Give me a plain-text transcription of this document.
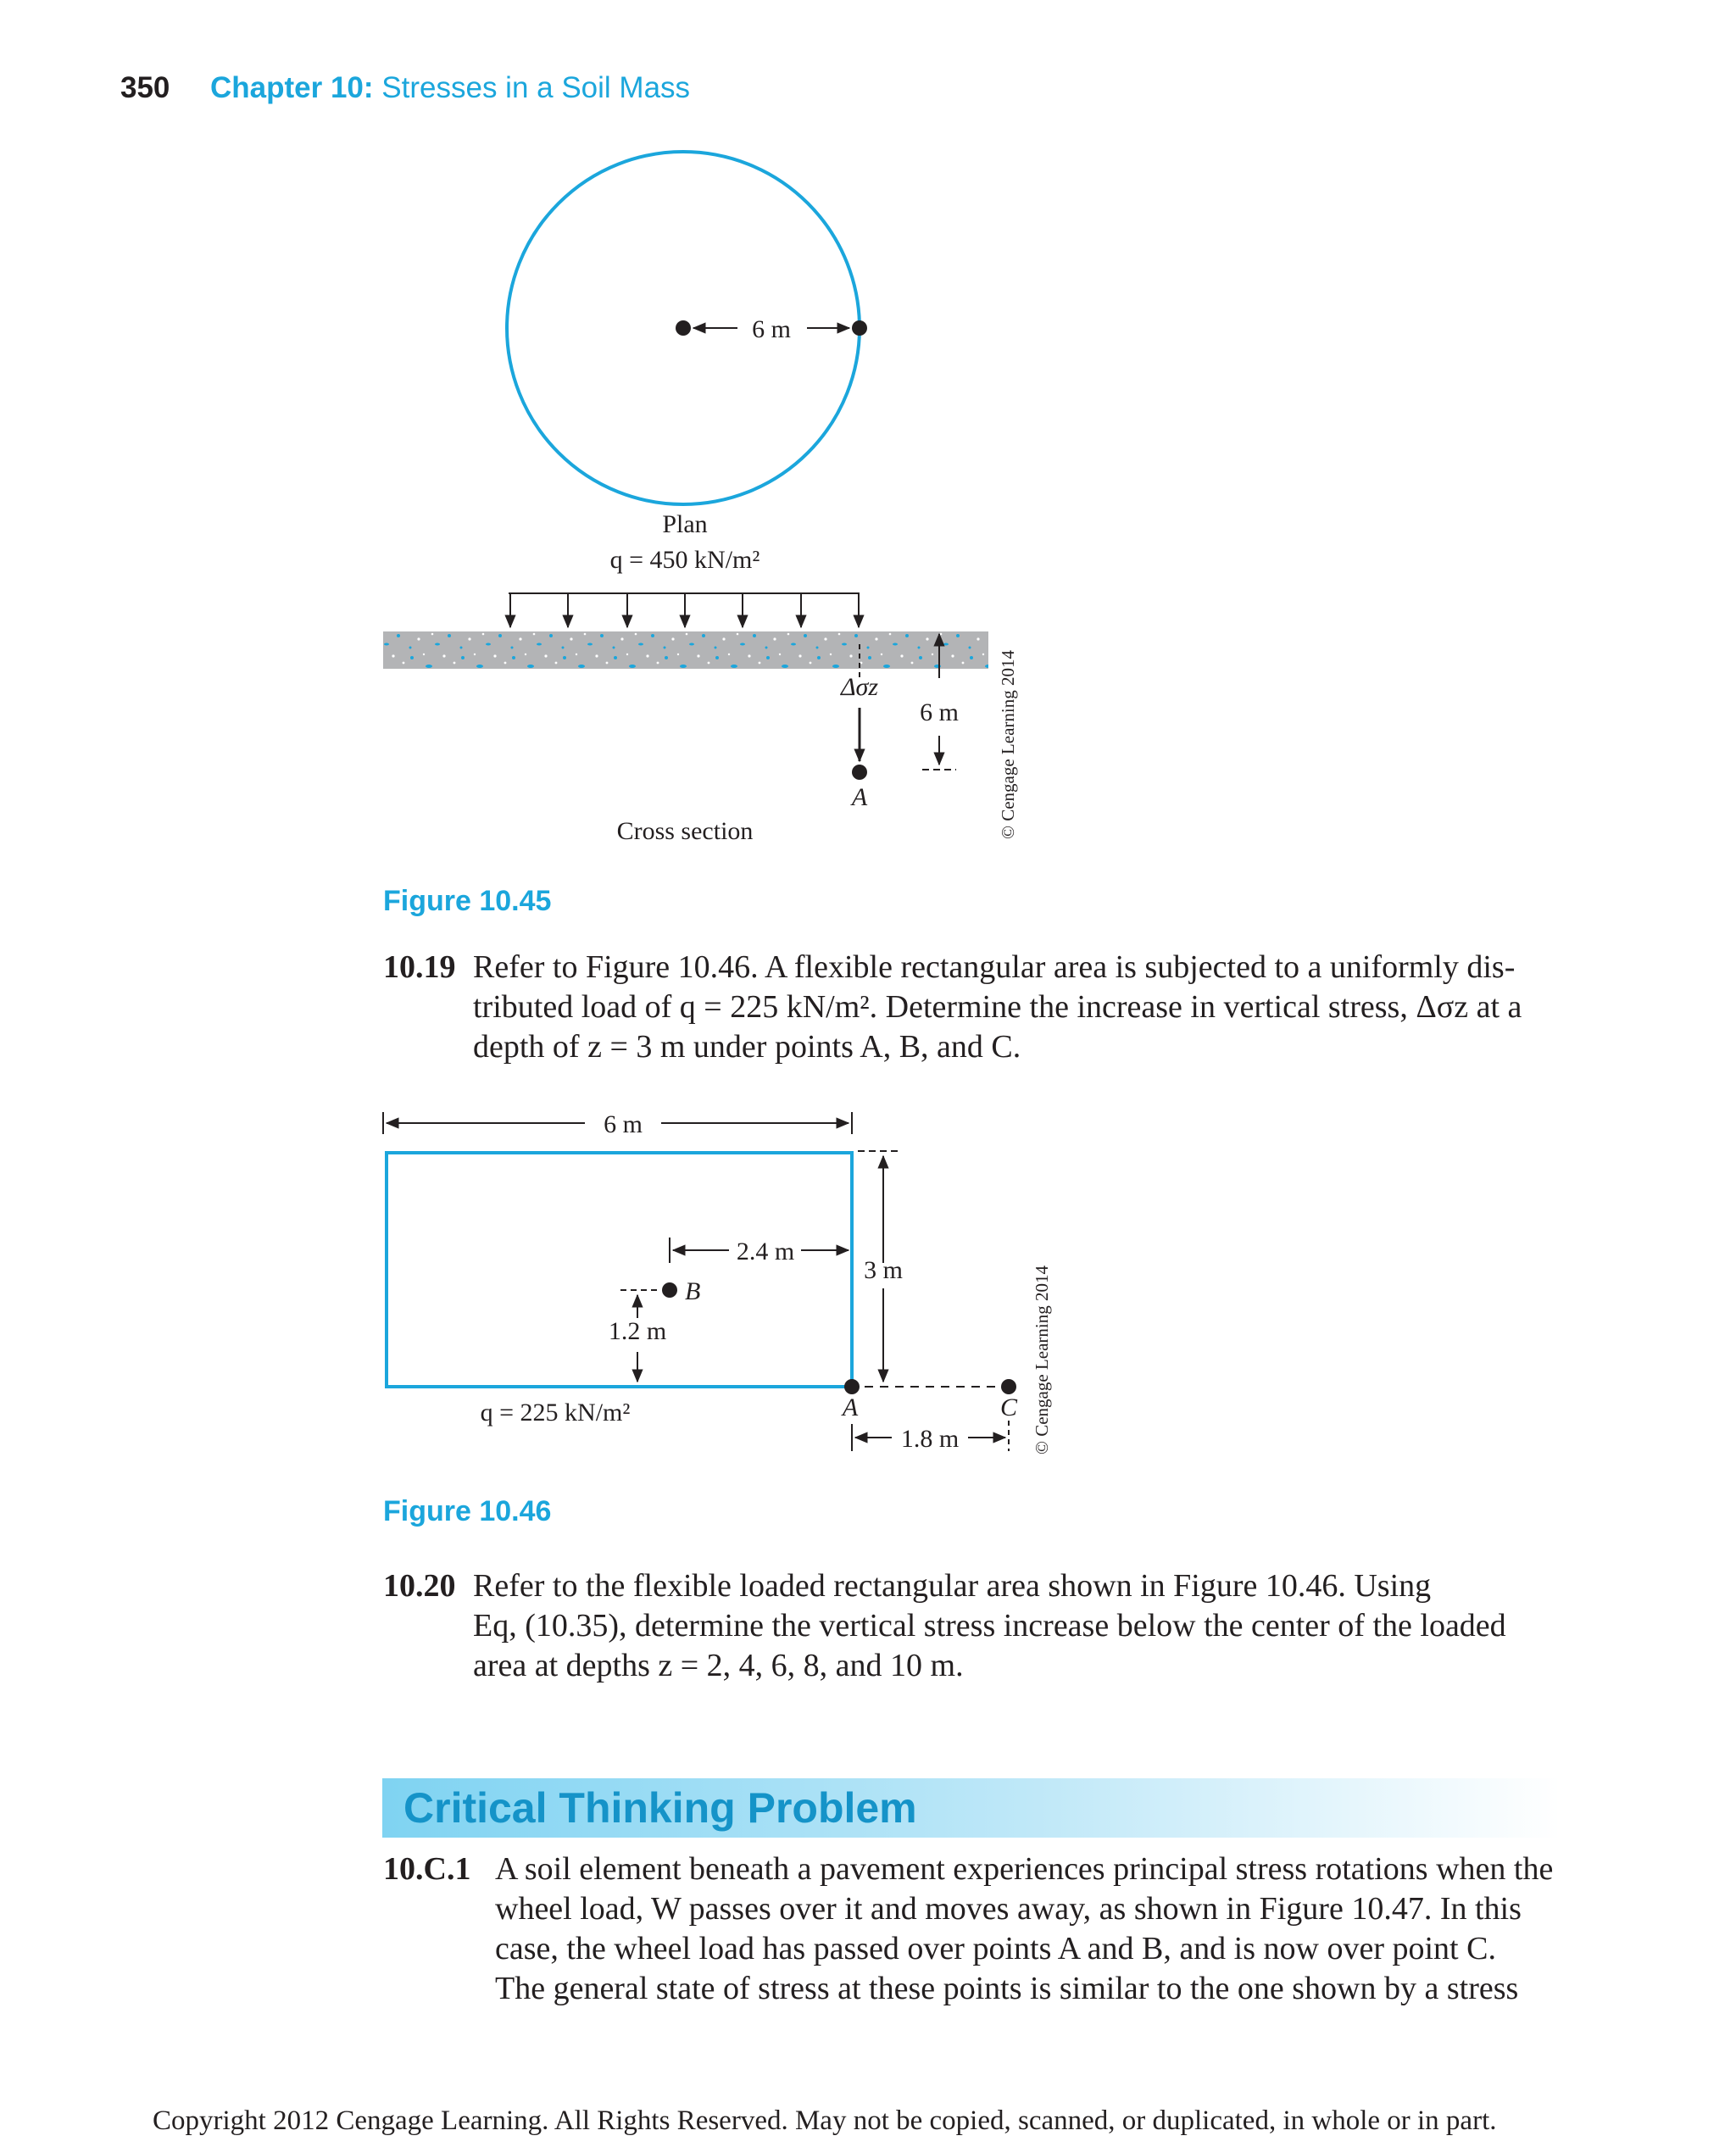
350 Chapter 10: Stresses in a Soil Mass
6 m
Plan
q = 450 kN/m²
Δσz
A
6 m
Cross section	© Cengage Learning 2014
Figure 10.45
6 m
3 m
2.4 m
B
1.2 m
q = 225 kN/m²	A	C
1.8 m	© Cengage Learning 2014
Figure 10.46
10.19 Refer to Figure 10.46. A flexible rectangular area is subjected to a uniformly dis-
tributed load of q = 225 kN/m². Determine the increase in vertical stress, Δσz at a
depth of z = 3 m under points A, B, and C.
10.20 Refer to the flexible loaded rectangular area shown in Figure 10.46. Using
Eq, (10.35), determine the vertical stress increase below the center of the loaded
area at depths z = 2, 4, 6, 8, and 10 m.
Critical Thinking Problem
10.C.1 A soil element beneath a pavement experiences principal stress rotations when the
wheel load, W passes over it and moves away, as shown in Figure 10.47. In this
case, the wheel load has passed over points A and B, and is now over point C.
The general state of stress at these points is similar to the one shown by a stress
Copyright 2012 Cengage Learning. All Rights Reserved. May not be copied, scanned, or duplicated, in whole or in part.
